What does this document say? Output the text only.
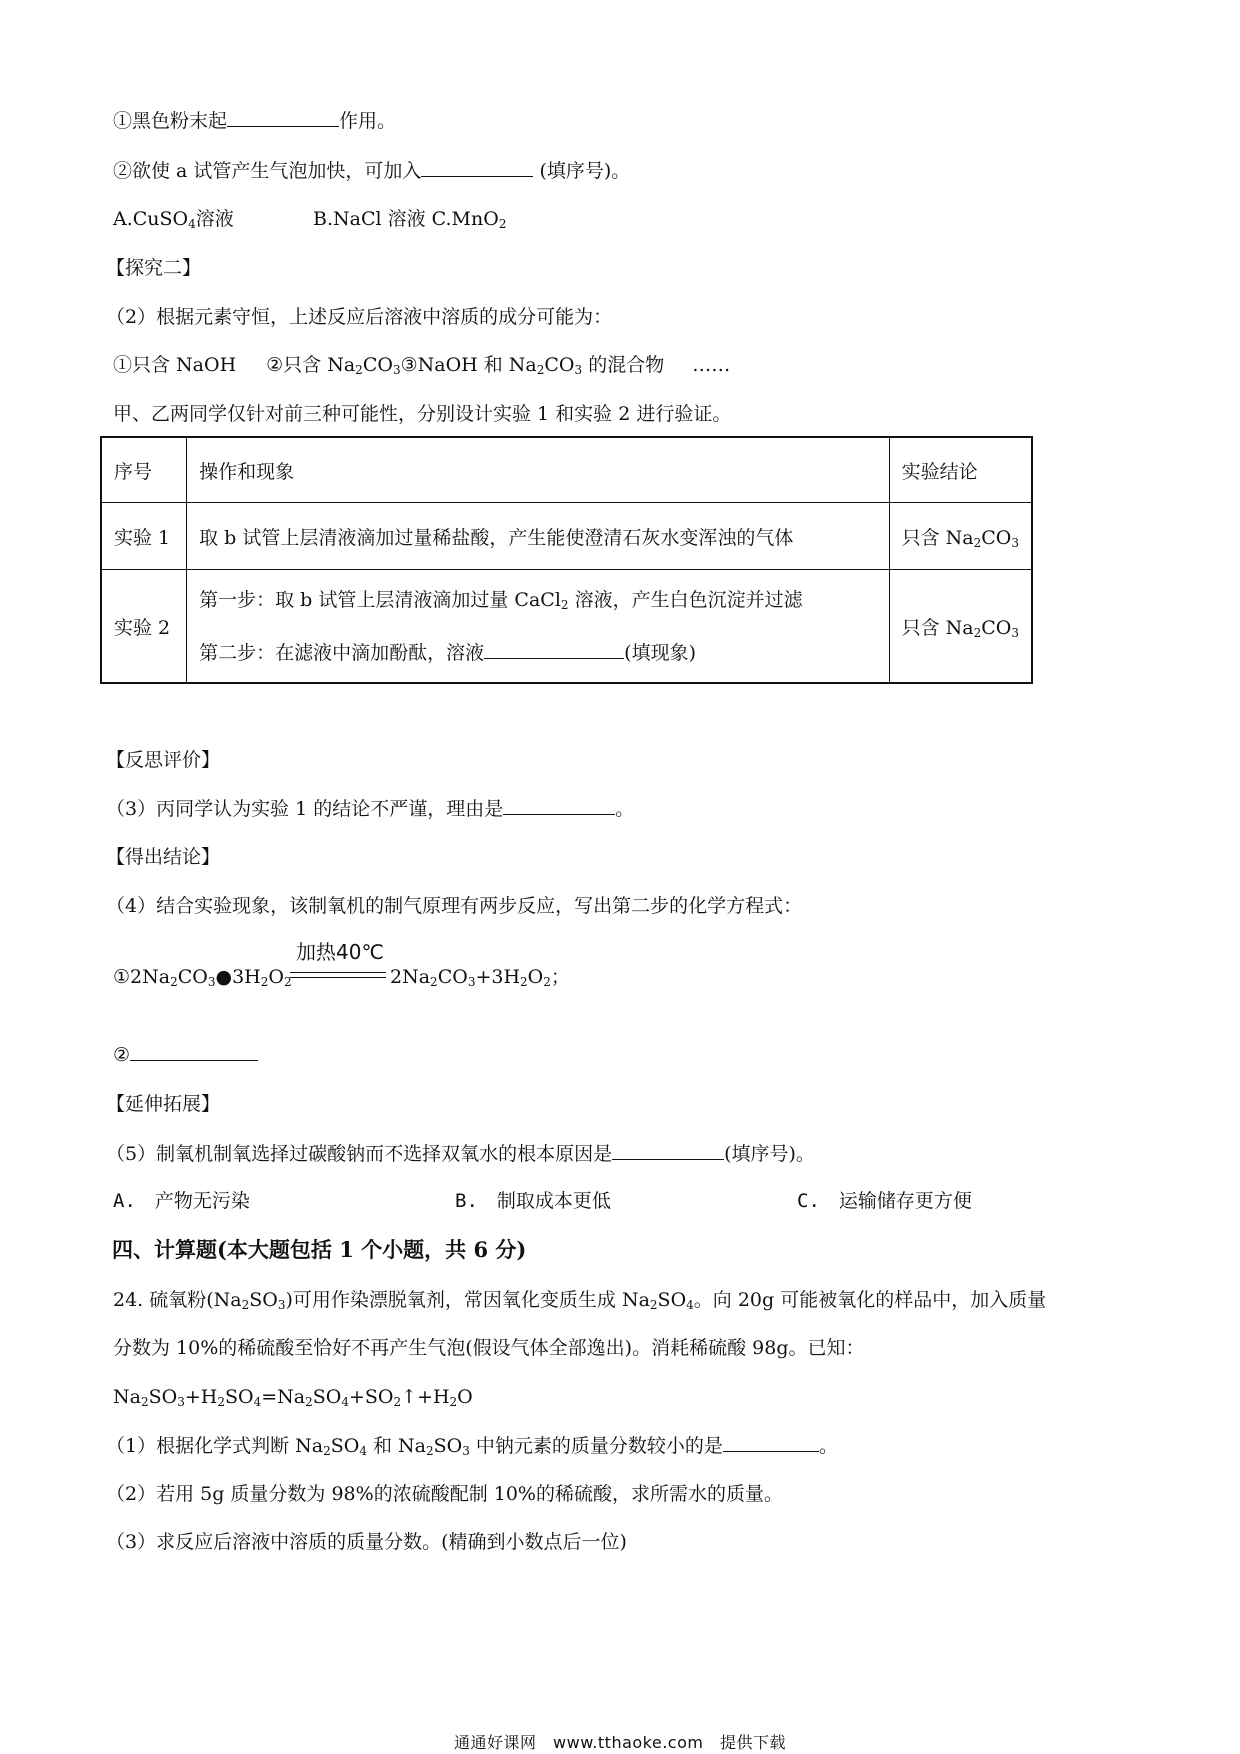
①黑色粉末起	作用。
②欲使 a 试管产生气泡加快，可加入	(填序号)。
A.CuSO$_4$溶液	B.NaCl 溶液 C.MnO$_2$
【探究二】
（2）根据元素守恒，上述反应后溶液中溶质的成分可能为：
①只含 NaOH ②只含 $Na_2CO_3③NaOH$ 和 $Na_2CO_3$ 的混合物 ……
甲、乙两同学仅针对前三种可能性，分别设计实验 1 和实验 2 进行验证。
序号	操作和现象	实验结论
实验 1	取 b 试管上层清液滴加过量稀盐酸，产生能使澄清石灰水变浑浊的气体	只含 $Na_2CO_3$
实验 2	第一步：取 b 试管上层清液滴加过量 CaCl$_2$ 溶液，产生白色沉淀并过滤
第二步：在滤液中滴加酚酞，溶液 (填现象)	只含 $Na_2CO_3$
【反思评价】
（3）丙同学认为实验 1 的结论不严谨，理由是	。
【得出结论】
（4）结合实验现象，该制氧机的制气原理有两步反应，写出第二步的化学方程式：
$①2Na_2CO_3●3H_2O_2$
加热40℃
$2Na_2CO_3+3H_2O_2$；
②
【延伸拓展】
（5）制氧机制氧选择过碳酸钠而不选择双氧水的根本原因是	(填序号)。
A.　产物无污染	B.　制取成本更低	C.　运输储存更方便
四、计算题(本大题包括 1 个小题，共 6 分)
24. 硫氧粉$(Na_2SO_3)$可用作染漂脱氧剂，常因氧化变质生成 $Na_2SO_4$。向 20g 可能被氧化的样品中，加入质量
分数为 10%的稀硫酸至恰好不再产生气泡(假设气体全部逸出)。消耗稀硫酸 98g。已知：
$Na_2SO_3+H_2SO_4=Na_2SO_4+SO_2↑+H_2O$
（1）根据化学式判断 $Na_2SO_4$ 和 $Na_2SO_3$ 中钠元素的质量分数较小的是	。
（2）若用 5g 质量分数为 98%的浓硫酸配制 10%的稀硫酸，求所需水的质量。
（3）求反应后溶液中溶质的质量分数。(精确到小数点后一位)
通通好课网　www.tthaoke.com　提供下载
